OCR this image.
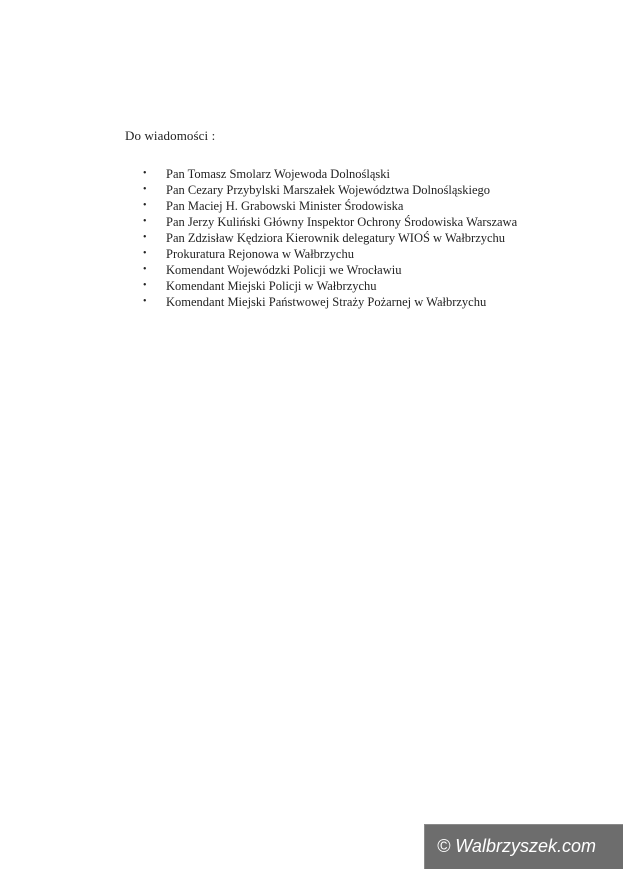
Do wiadomości :
•	Pan Tomasz Smolarz Wojewoda Dolnośląski
•	Pan Cezary Przybylski Marszałek Województwa Dolnośląskiego
•	Pan Maciej H. Grabowski Minister Środowiska
•	Pan Jerzy Kuliński Główny Inspektor Ochrony Środowiska Warszawa
•	Pan Zdzisław Kędziora Kierownik delegatury WIOŚ w Wałbrzychu
•	Prokuratura Rejonowa w Wałbrzychu
•	Komendant Wojewódzki Policji we Wrocławiu
•	Komendant Miejski Policji w Wałbrzychu
•	Komendant Miejski Państwowej Straży Pożarnej w Wałbrzychu
© Walbrzyszek.com
